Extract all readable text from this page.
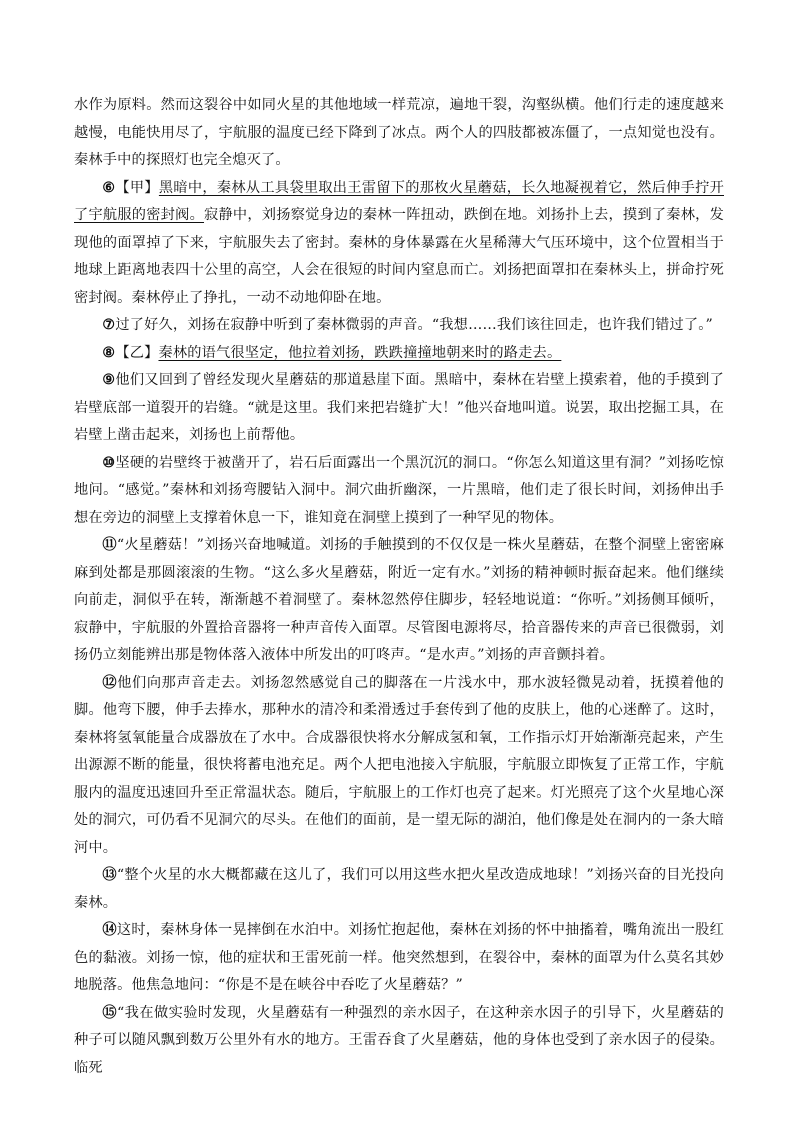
水作为原料。然而这裂谷中如同火星的其他地域一样荒凉，遍地干裂，沟壑纵横。他们行走的速度越来越慢，电能快用尽了，宇航服的温度已经下降到了冰点。两个人的四肢都被冻僵了，一点知觉也没有。秦林手中的探照灯也完全熄灭了。

⑥【甲】黑暗中，秦林从工具袋里取出王雷留下的那枚火星蘑菇，长久地凝视着它，然后伸手拧开了宇航服的密封阀。寂静中，刘扬察觉身边的秦林一阵扭动，跌倒在地。刘扬扑上去，摸到了秦林，发现他的面罩掉了下来，宇航服失去了密封。秦林的身体暴露在火星稀薄大气压环境中，这个位置相当于地球上距离地表四十公里的高空，人会在很短的时间内窒息而亡。刘扬把面罩扣在秦林头上，拼命拧死密封阀。秦林停止了挣扎，一动不动地仰卧在地。

⑦过了好久，刘扬在寂静中听到了秦林微弱的声音。“我想……我们该往回走，也许我们错过了。”

⑧【乙】秦林的语气很坚定，他拉着刘扬，跌跌撞撞地朝来时的路走去。

⑨他们又回到了曾经发现火星蘑菇的那道悬崖下面。黑暗中，秦林在岩壁上摸索着，他的手摸到了岩壁底部一道裂开的岩缝。“就是这里。我们来把岩缝扩大！”他兴奋地叫道。说罢，取出挖掘工具，在岩壁上凿击起来，刘扬也上前帮他。

⑩坚硬的岩壁终于被凿开了，岩石后面露出一个黑沉沉的洞口。“你怎么知道这里有洞？”刘扬吃惊地问。“感觉。”秦林和刘扬弯腰钻入洞中。洞穴曲折幽深，一片黑暗，他们走了很长时间，刘扬伸出手想在旁边的洞壁上支撑着休息一下，谁知竟在洞壁上摸到了一种罕见的物体。

⑪“火星蘑菇！”刘扬兴奋地喊道。刘扬的手触摸到的不仅仅是一株火星蘑菇，在整个洞壁上密密麻麻到处都是那圆滚滚的生物。“这么多火星蘑菇，附近一定有水。”刘扬的精神顿时振奋起来。他们继续向前走，洞似乎在转，渐渐越不着洞壁了。秦林忽然停住脚步，轻轻地说道：“你听。”刘扬侧耳倾听，寂静中，宇航服的外置拾音器将一种声音传入面罩。尽管图电源将尽，拾音器传来的声音已很微弱，刘扬仍立刻能辨出那是物体落入液体中所发出的叮咚声。“是水声。”刘扬的声音颤抖着。

⑫他们向那声音走去。刘扬忽然感觉自己的脚落在一片浅水中，那水波轻微晃动着，抚摸着他的脚。他弯下腰，伸手去捧水，那种水的清冷和柔滑透过手套传到了他的皮肤上，他的心迷醉了。这时，秦林将氢氧能量合成器放在了水中。合成器很快将水分解成氢和氧，工作指示灯开始渐渐亮起来，产生出源源不断的能量，很快将蓄电池充足。两个人把电池接入宇航服，宇航服立即恢复了正常工作，宇航服内的温度迅速回升至正常温状态。随后，宇航服上的工作灯也亮了起来。灯光照亮了这个火星地心深处的洞穴，可仍看不见洞穴的尽头。在他们的面前，是一望无际的湖泊，他们像是处在洞内的一条大暗河中。

⑬“整个火星的水大概都藏在这儿了，我们可以用这些水把火星改造成地球！”刘扬兴奋的目光投向秦林。

⑭这时，秦林身体一晃摔倒在水泊中。刘扬忙抱起他，秦林在刘扬的怀中抽搐着，嘴角流出一股红色的黏液。刘扬一惊，他的症状和王雷死前一样。他突然想到，在裂谷中，秦林的面罩为什么莫名其妙地脱落。他焦急地问：“你是不是在峡谷中吞吃了火星蘑菇？”

⑮“我在做实验时发现，火星蘑菇有一种强烈的亲水因子，在这种亲水因子的引导下，火星蘑菇的种子可以随风飘到数万公里外有水的地方。王雷吞食了火星蘑菇，他的身体也受到了亲水因子的侵染。临死
